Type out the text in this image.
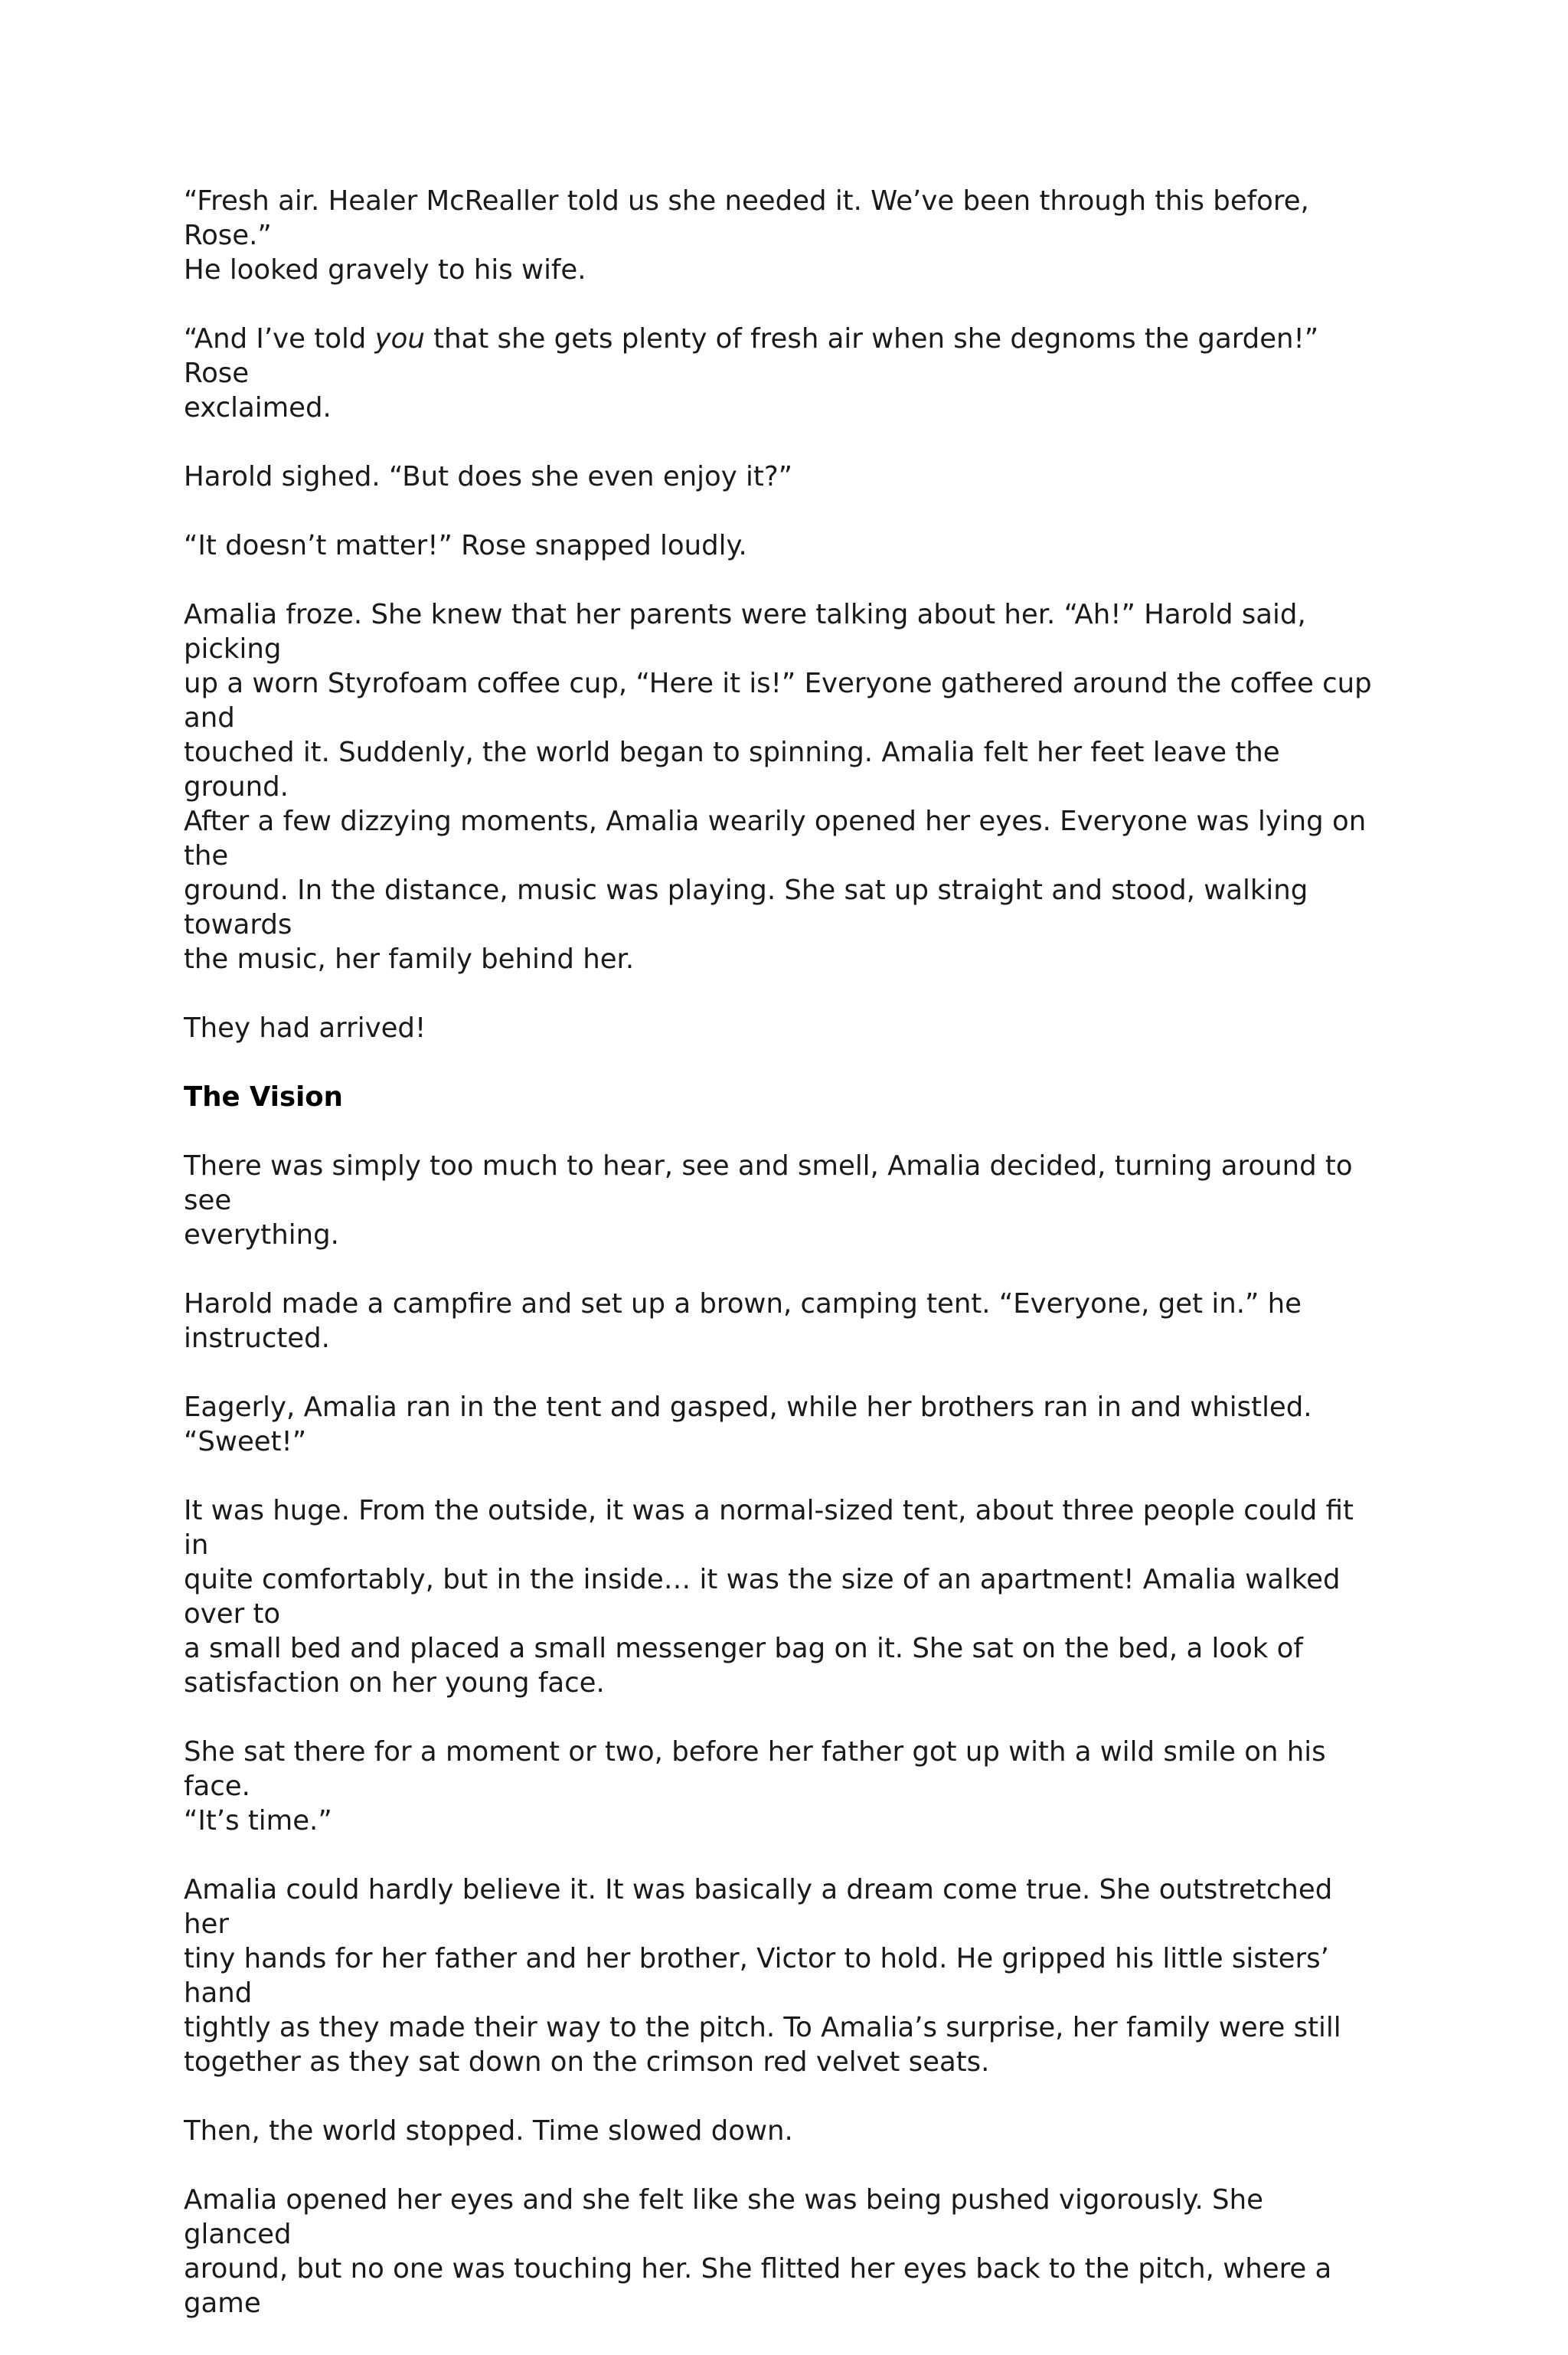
“Fresh air. Healer McRealler told us she needed it. We’ve been through this before, Rose.”
He looked gravely to his wife.

“And I’ve told you that she gets plenty of fresh air when she degnoms the garden!” Rose
exclaimed.

Harold sighed. “But does she even enjoy it?”

“It doesn’t matter!” Rose snapped loudly.

Amalia froze. She knew that her parents were talking about her. “Ah!” Harold said, picking
up a worn Styrofoam coffee cup, “Here it is!” Everyone gathered around the coffee cup and
touched it. Suddenly, the world began to spinning. Amalia felt her feet leave the ground.
After a few dizzying moments, Amalia wearily opened her eyes. Everyone was lying on the
ground. In the distance, music was playing. She sat up straight and stood, walking towards
the music, her family behind her.

They had arrived!

The Vision

There was simply too much to hear, see and smell, Amalia decided, turning around to see
everything.

Harold made a campfire and set up a brown, camping tent. “Everyone, get in.” he
instructed.

Eagerly, Amalia ran in the tent and gasped, while her brothers ran in and whistled. “Sweet!”

It was huge. From the outside, it was a normal-sized tent, about three people could fit in
quite comfortably, but in the inside… it was the size of an apartment! Amalia walked over to
a small bed and placed a small messenger bag on it. She sat on the bed, a look of
satisfaction on her young face.

She sat there for a moment or two, before her father got up with a wild smile on his face.
“It’s time.”

Amalia could hardly believe it. It was basically a dream come true. She outstretched her
tiny hands for her father and her brother, Victor to hold. He gripped his little sisters’ hand
tightly as they made their way to the pitch. To Amalia’s surprise, her family were still
together as they sat down on the crimson red velvet seats.

Then, the world stopped. Time slowed down.

Amalia opened her eyes and she felt like she was being pushed vigorously. She glanced
around, but no one was touching her. She flitted her eyes back to the pitch, where a game
